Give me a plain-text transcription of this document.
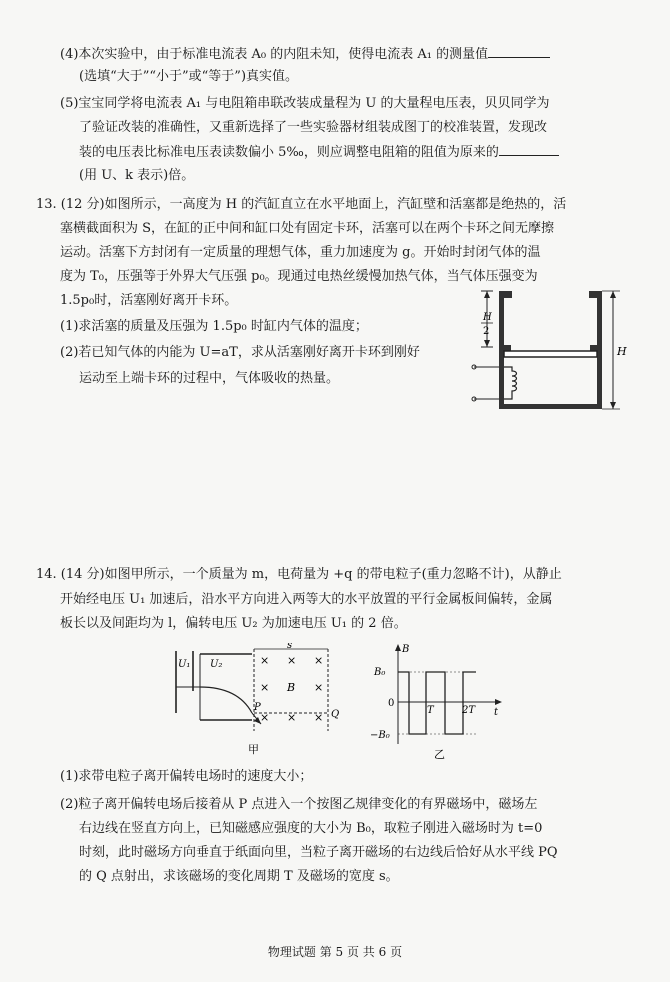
(4)本次实验中，由于标准电流表 A₀ 的内阻未知，使得电流表 A₁ 的测量值
(选填“大于”“小于”或“等于”)真实值。
(5)宝宝同学将电流表 A₁ 与电阻箱串联改装成量程为 U 的大量程电压表，贝贝同学为
了验证改装的准确性，又重新选择了一些实验器材组装成图丁的校准装置，发现改
装的电压表比标准电压表读数偏小 5‰，则应调整电阻箱的阻值为原来的
(用 U、k 表示)倍。
13. (12 分)如图所示，一高度为 H 的汽缸直立在水平地面上，汽缸壁和活塞都是绝热的，活
塞横截面积为 S，在缸的正中间和缸口处有固定卡环，活塞可以在两个卡环之间无摩擦
运动。活塞下方封闭有一定质量的理想气体，重力加速度为 g。开始时封闭气体的温
度为 T₀，压强等于外界大气压强 p₀。现通过电热丝缓慢加热气体，当气体压强变为
1.5p₀时，活塞刚好离开卡环。
(1)求活塞的质量及压强为 1.5p₀ 时缸内气体的温度；
(2)若已知气体的内能为 U=aT，求从活塞刚好离开卡环到刚好
运动至上端卡环的过程中，气体吸收的热量。
H
2
H
14. (14 分)如图甲所示，一个质量为 m，电荷量为 +q 的带电粒子(重力忽略不计)，从静止
开始经电压 U₁ 加速后，沿水平方向进入两等大的水平放置的平行金属板间偏转，金属
板长以及间距均为 l，偏转电压 U₂ 为加速电压 U₁ 的 2 倍。
U₁ U₂
s
× × ×
×	×
× × ×
B
P
Q
甲
B
B₀
0
−B₀
T	2T t
乙
(1)求带电粒子离开偏转电场时的速度大小；
(2)粒子离开偏转电场后接着从 P 点进入一个按图乙规律变化的有界磁场中，磁场左
右边线在竖直方向上，已知磁感应强度的大小为 B₀，取粒子刚进入磁场时为 t=0
时刻，此时磁场方向垂直于纸面向里，当粒子离开磁场的右边线后恰好从水平线 PQ
的 Q 点射出，求该磁场的变化周期 T 及磁场的宽度 s。
物理试题 第 5 页 共 6 页
